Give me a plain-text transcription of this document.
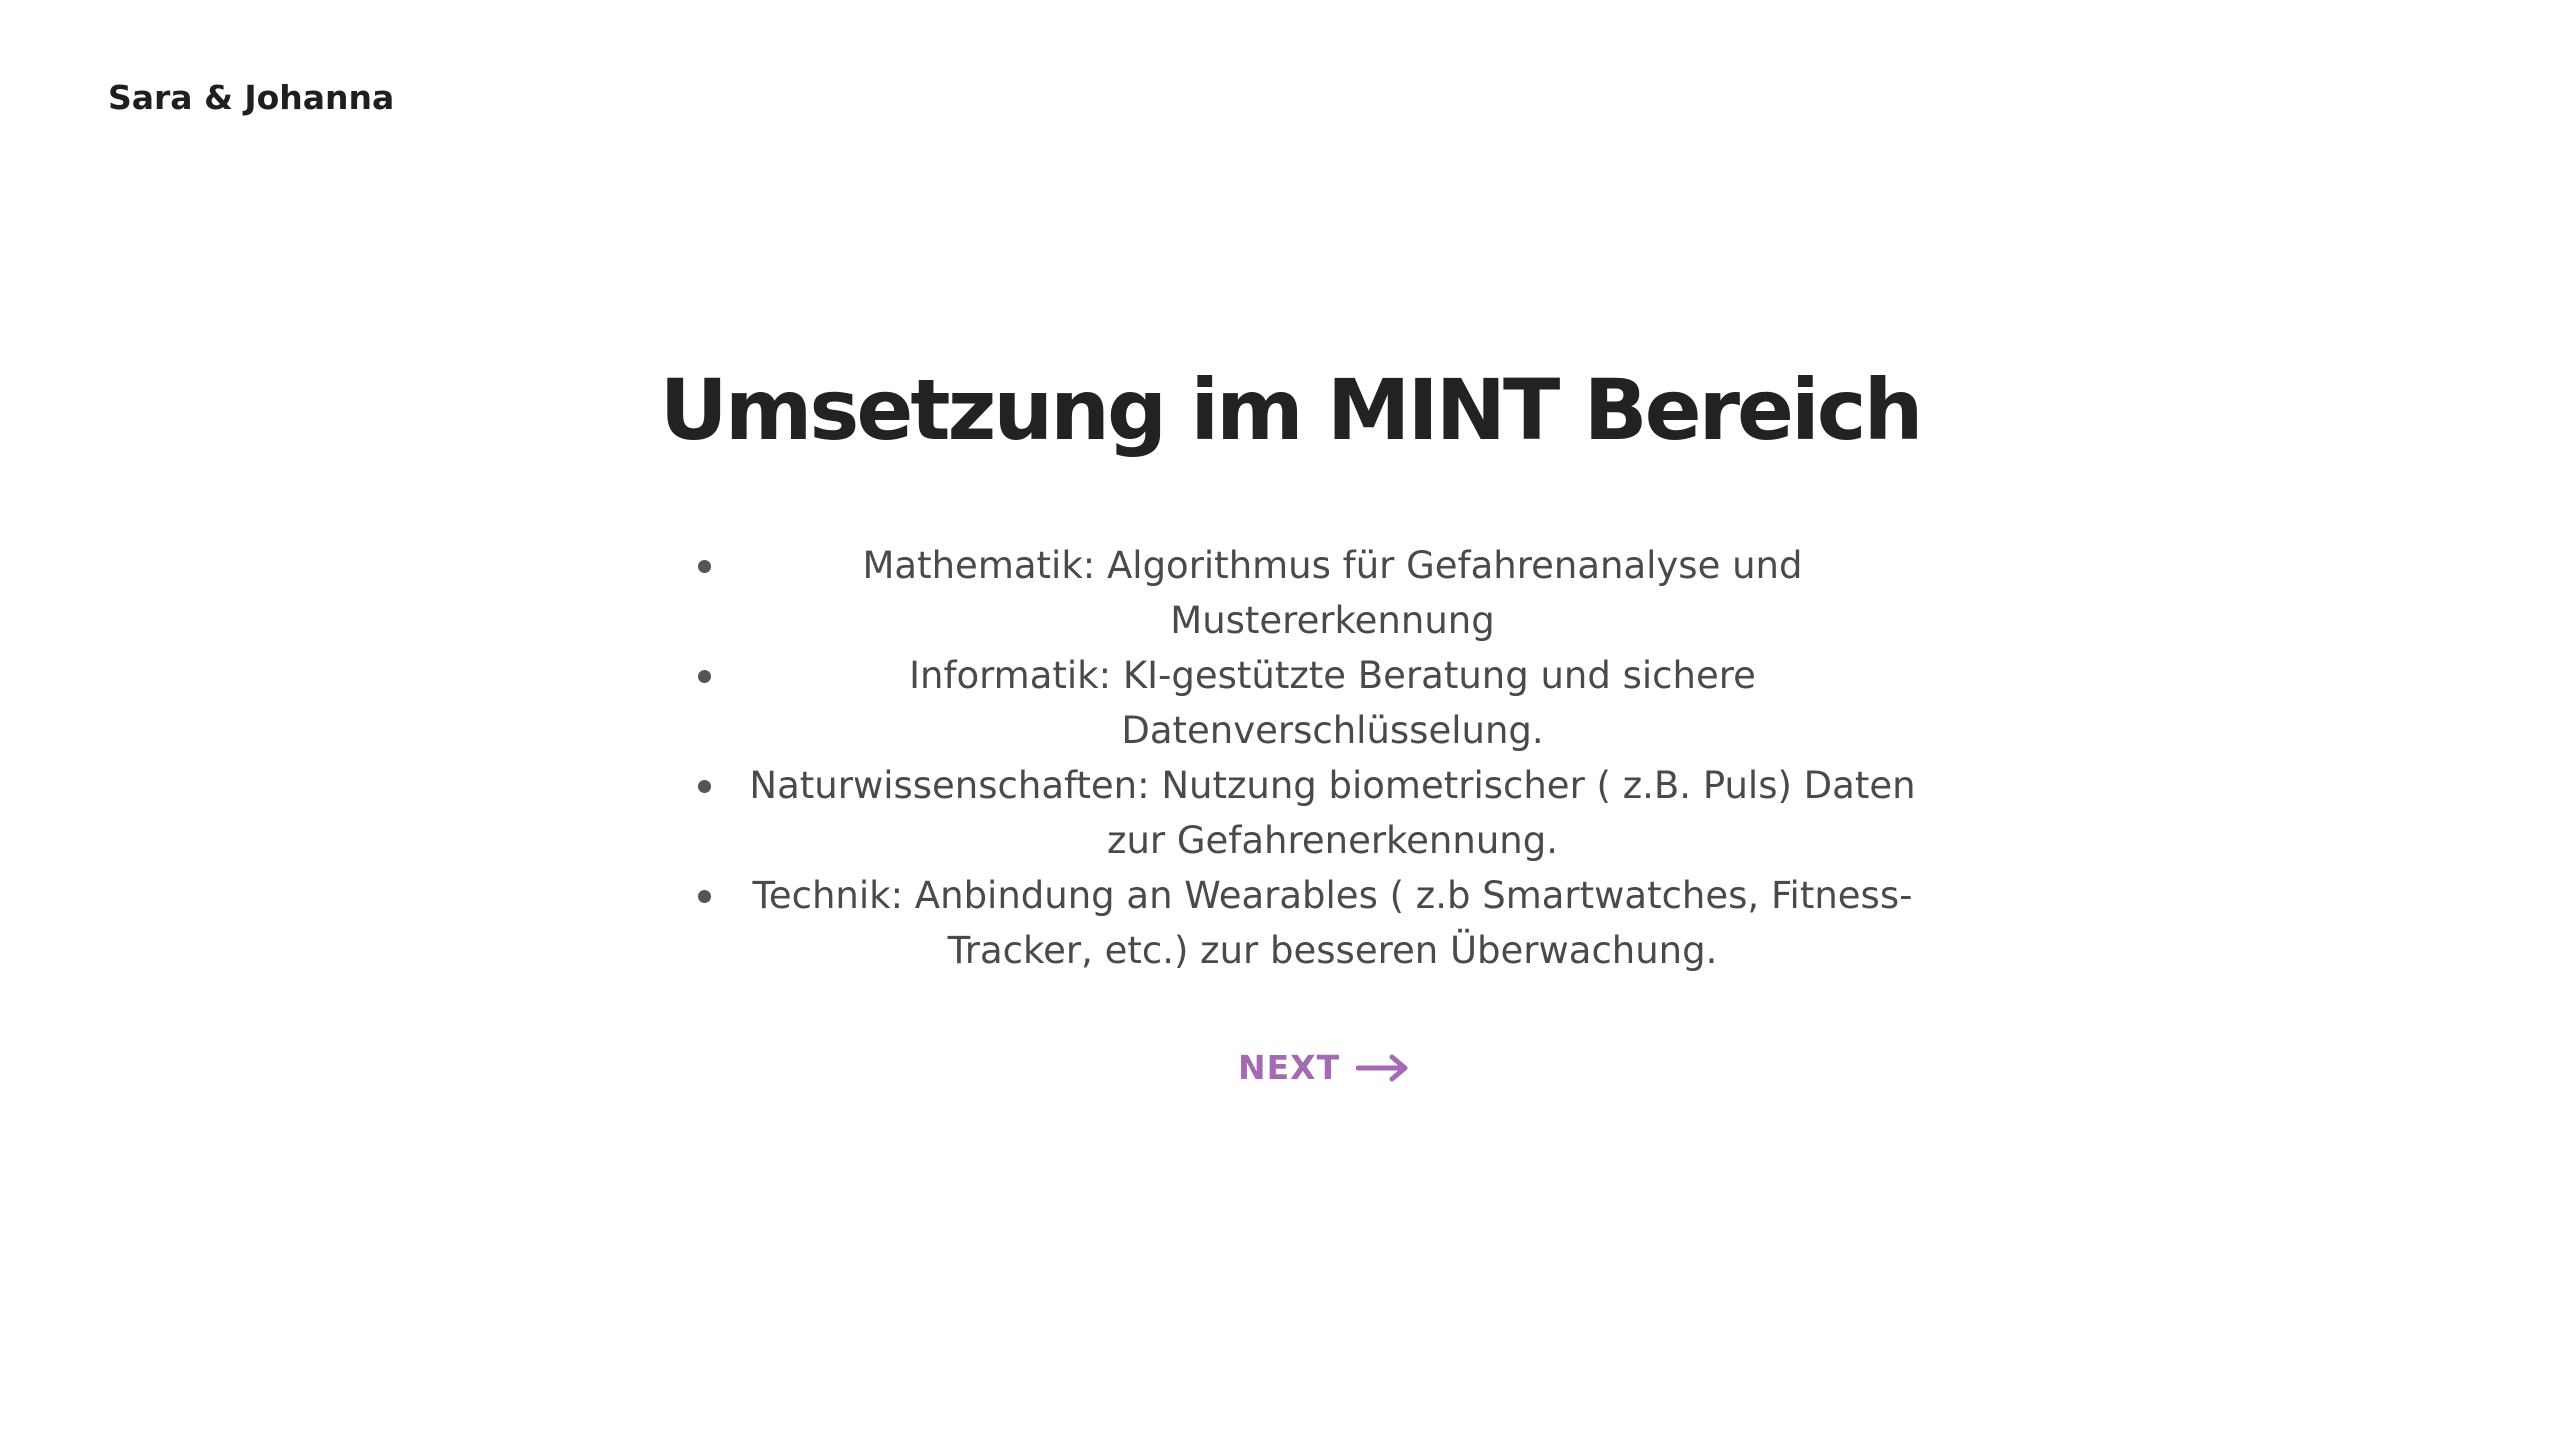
Sara & Johanna
Umsetzung im MINT Bereich
Mathematik: Algorithmus für Gefahrenanalyse und
Mustererkennung
Informatik: KI-gestützte Beratung und sichere
Datenverschlüsselung.
Naturwissenschaften: Nutzung biometrischer ( z.B. Puls) Daten
zur Gefahrenerkennung.
Technik: Anbindung an Wearables ( z.b Smartwatches, Fitness-
Tracker, etc.) zur besseren Überwachung.
NEXT
